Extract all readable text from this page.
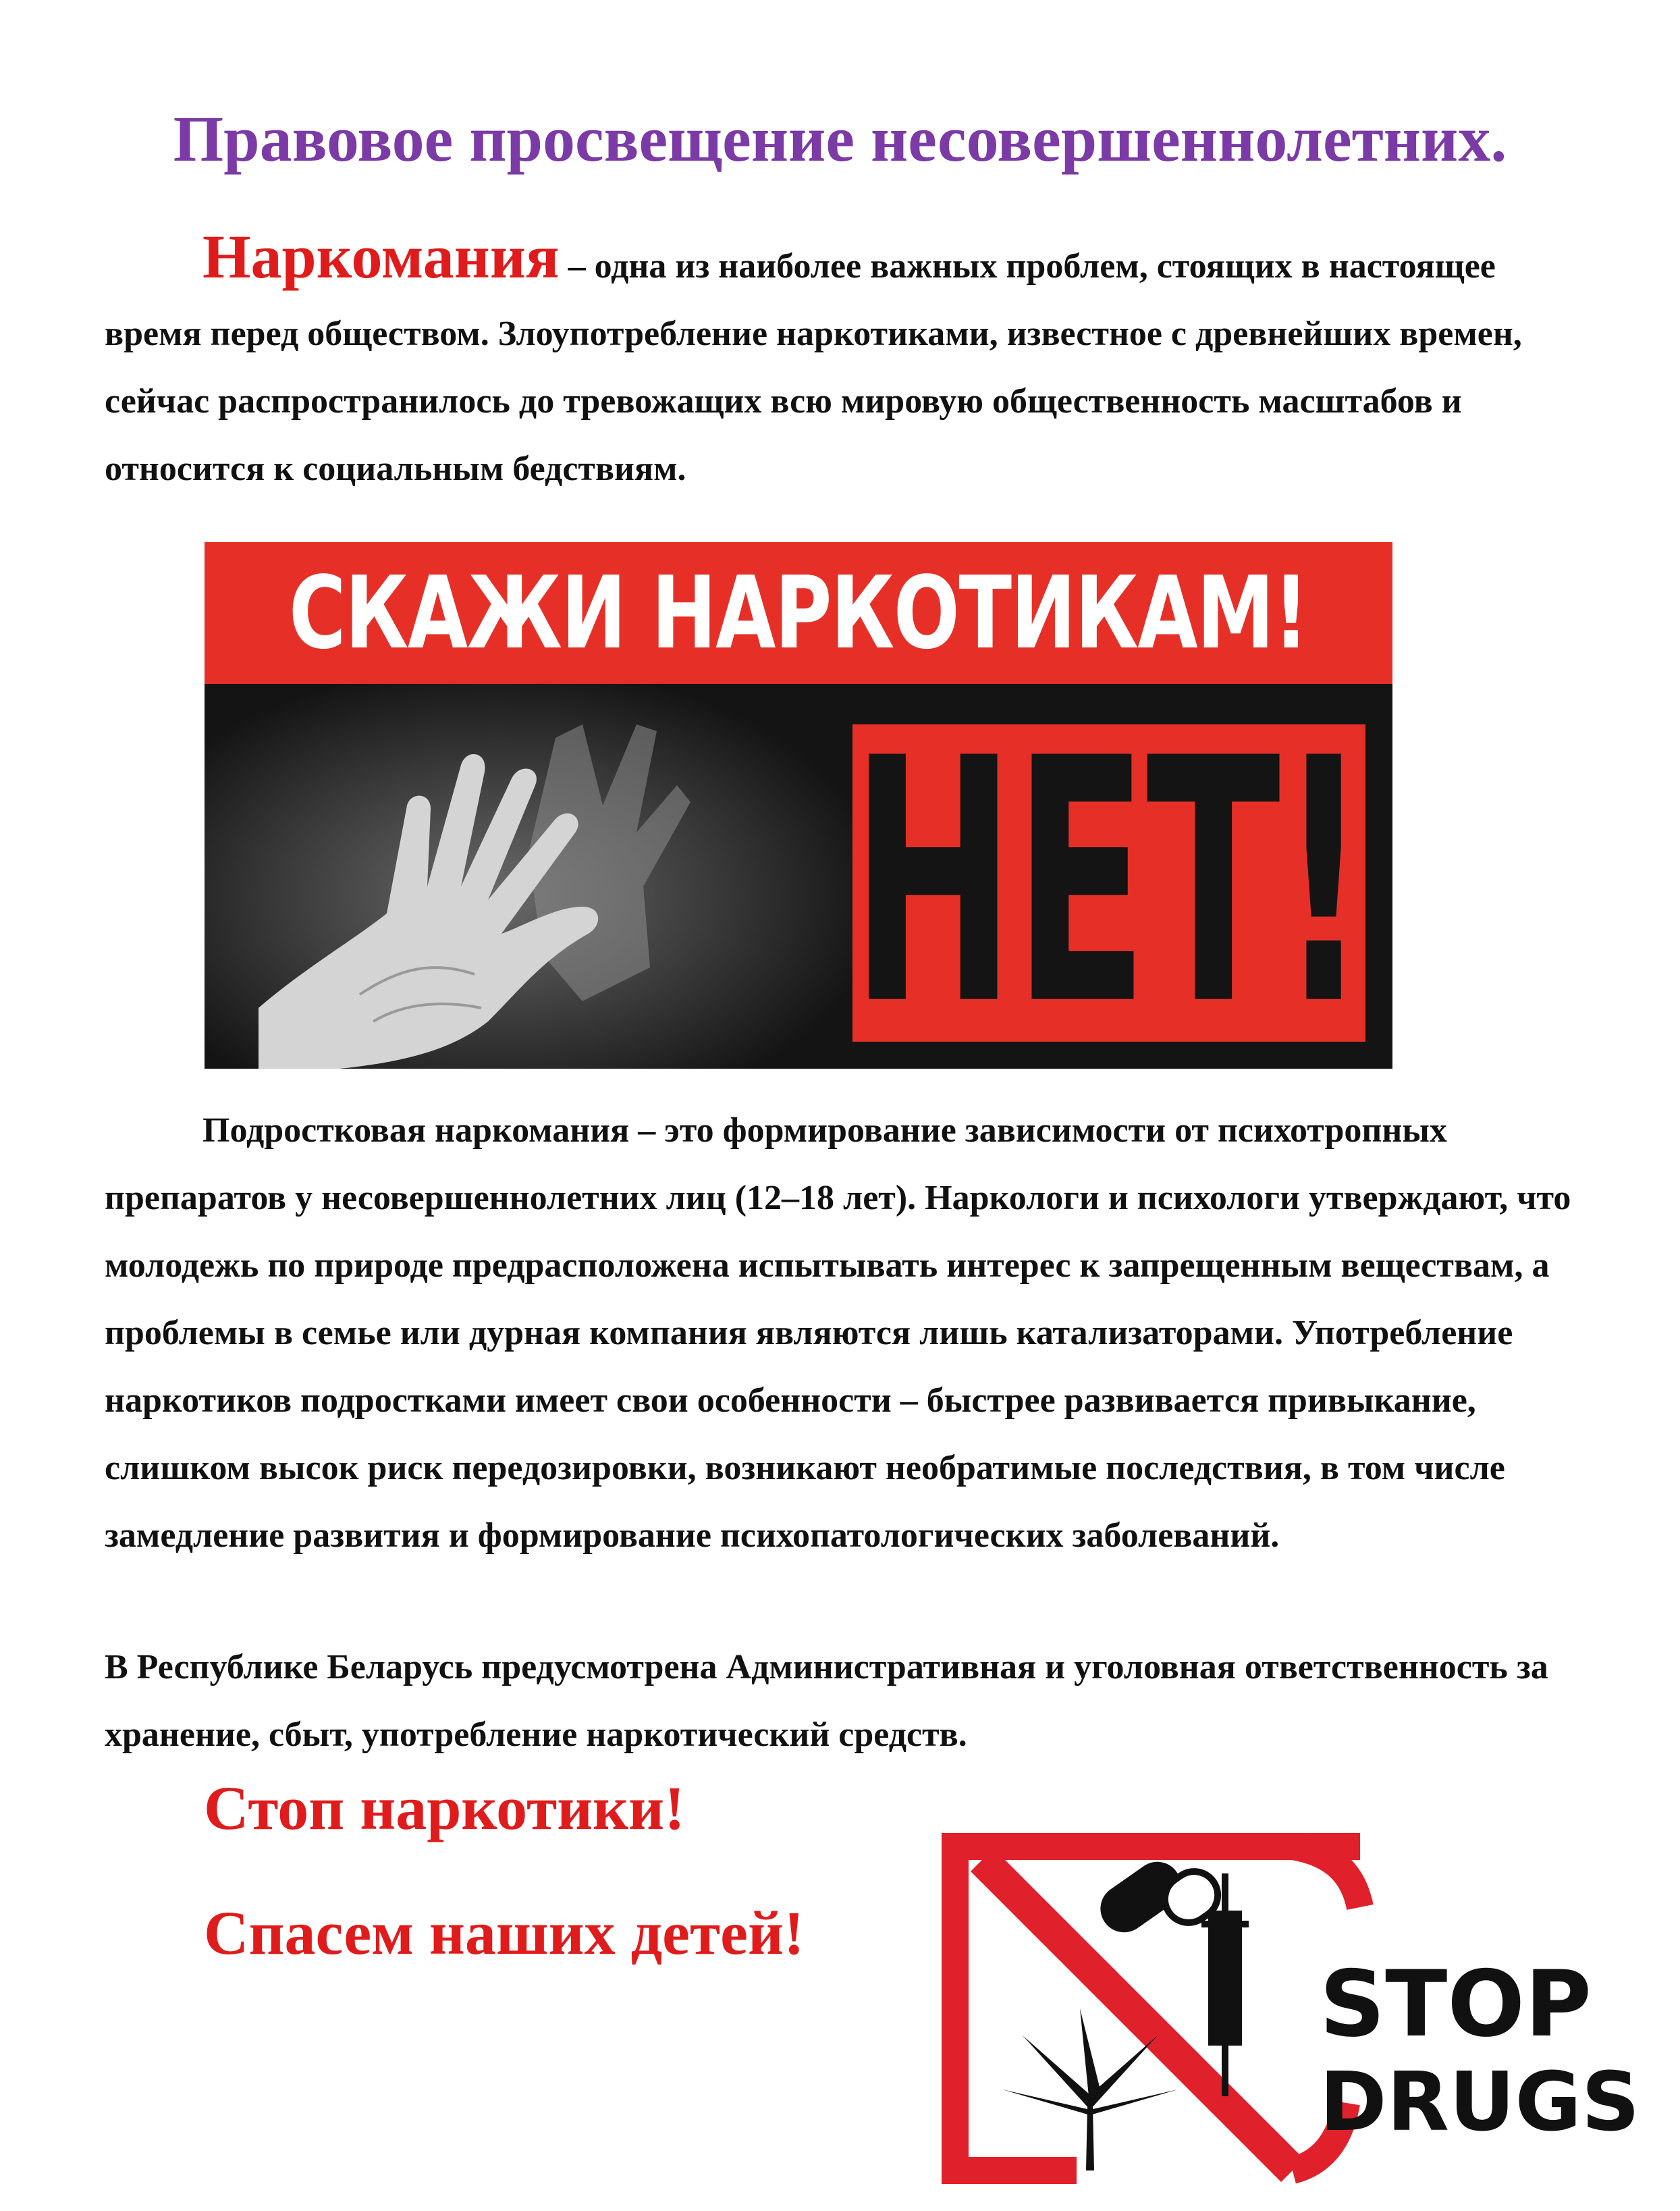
Правовое просвещение несовершеннолетних.

Наркомания – одна из наиболее важных проблем, стоящих в настоящее время перед обществом. Злоупотребление наркотиками, известное с древнейших времен, сейчас распространилось до тревожащих всю мировую общественность масштабов и относится к социальным бедствиям.

СКАЖИ НАРКОТИКАМ!
НЕТ!

Подростковая наркомания – это формирование зависимости от психотропных препаратов у несовершеннолетних лиц (12–18 лет). Наркологи и психологи утверждают, что молодежь по природе предрасположена испытывать интерес к запрещенным веществам, а проблемы в семье или дурная компания являются лишь катализаторами. Употребление наркотиков подростками имеет свои особенности – быстрее развивается привыкание, слишком высок риск передозировки, возникают необратимые последствия, в том числе замедление развития и формирование психопатологических заболеваний.

В Республике Беларусь предусмотрена Административная и уголовная ответственность за хранение, сбыт, употребление наркотический средств.

Стоп наркотики!

Спасем наших детей!

STOP
DRUGS
